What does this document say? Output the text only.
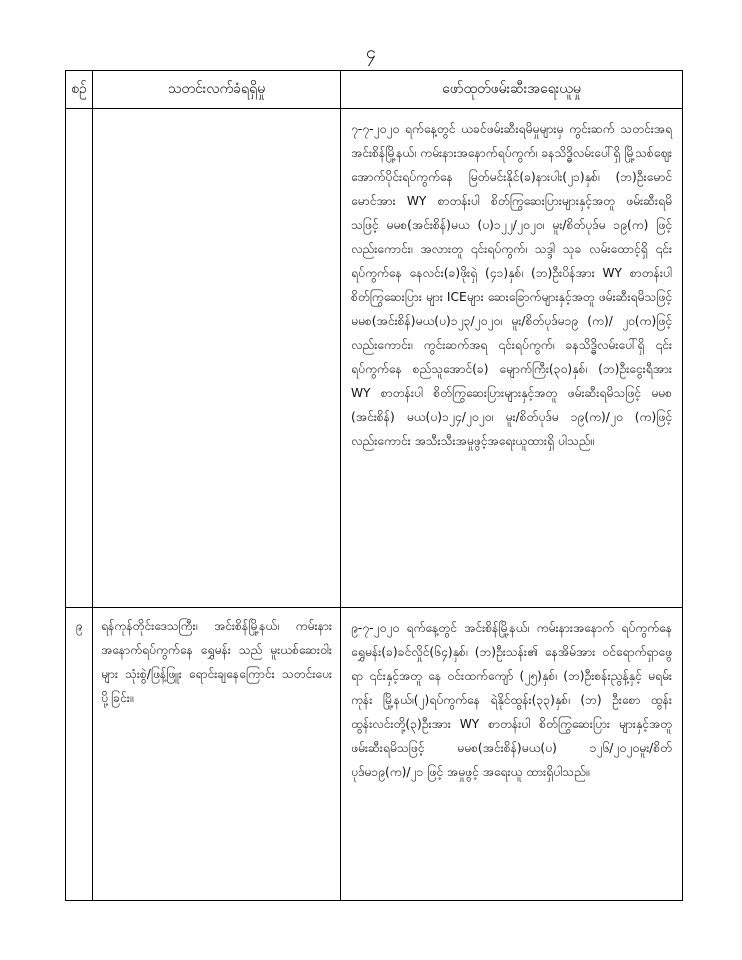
၄
စဉ်	သတင်းလက်ခံရရှိမှု	ဖော်ထုတ်ဖမ်းဆီးအရေးယူမှု
		၇-၇-၂၀၂၀ ရက်နေ့တွင် ယခင်ဖမ်းဆီးရမိမှုများမှ ကွင်းဆက် သတင်းအရ အင်းစိန်မြို့နယ်၊ ကမ်းနားအနောက်ရပ်ကွက်၊ ခနသိဒ္ဓိလမ်းပေါ်ရှိ မြို့သစ်ဈေး အောက်ပိုင်းရပ်ကွက်နေ မြတ်မင်းနိုင်(ခ)နားပါး(၂၁)နှစ်၊ (ဘ)ဦးမောင်မောင်အား WY စာတန်းပါ စိတ်ကြွဆေးပြားများနှင့်အတူ ဖမ်းဆီးရမိ သဖြင့် မမစ(အင်းစိန်)မယ (ပ)၁၂၂/၂၀၂၀၊ မူး/စိတ်ပုဒ်မ ၁၉(က) ဖြင့်လည်းကောင်း၊ အလားတူ ၎င်းရပ်ကွက်၊ သဒ္ဒါ သုခ လမ်းထောင့်ရှိ ၎င်းရပ်ကွက်နေ နေလင်း(ခ)ဖိုးရှဲ (၄၁)နှစ်၊ (ဘ)ဦးပိန်အား WY စာတန်းပါ စိတ်ကြွဆေးပြား များ ICEများ ဆေးခြောက်များနှင့်အတူ ဖမ်းဆီးရမိသဖြင့် မမစ(အင်းစိန်)မယ(ပ)၁၂၃/၂၀၂၀၊ မူး/စိတ်ပုဒ်မ၁၉ (က)/ ၂၀(က)ဖြင့်လည်းကောင်း၊ ကွင်းဆက်အရ ၎င်းရပ်ကွက်၊ ခနသိဒ္ဓိလမ်းပေါ်ရှိ ၎င်းရပ်ကွက်နေ စည်သူအောင်(ခ) မျောက်ကြီး(၃၀)နှစ်၊ (ဘ)ဦးငွေးရီအား WY စာတန်းပါ စိတ်ကြွဆေးပြားများနှင့်အတူ ဖမ်းဆီးရမိသဖြင့် မမစ (အင်းစိန်) မယ(ပ)၁၂၄/၂၀၂၀၊ မူး/စိတ်ပုဒ်မ ၁၉(က)/၂၀ (က)ဖြင့်လည်းကောင်း အသီးသီးအမှုဖွင့်အရေးယူထားရှိ ပါသည်။
၉	ရန်ကုန်တိုင်းဒေသကြီး၊ အင်းစိန်မြို့နယ်၊ ကမ်းနားအနောက်ရပ်ကွက်နေ ရွှေမန်း သည် မူးယစ်ဆေးဝါးများ သုံးစွဲ/ဖြန့်ဖြူး ရောင်းချနေကြောင်း သတင်းပေးပို့ခြင်း။	၉-၇-၂၀၂၀ ရက်နေ့တွင် အင်းစိန်မြို့နယ်၊ ကမ်းနားအနောက် ရပ်ကွက်နေ ရွှေမန်း(ခ)ခင်လှိုင်(၆၄)နှစ်၊ (ဘ)ဦးသန်း၏ နေအိမ်အား ဝင်ရောက်ရှာဖွေရာ ၎င်းနှင့်အတူ နေ ဝင်းထက်ကျော် (၂၅)နှစ်၊ (ဘ)ဦးစန်းညွန့်နှင့် မရမ်းကုန်း မြို့နယ်၊(၂)ရပ်ကွက်နေ ရဲနိုင်ထွန်း(၃၃)နှစ်၊ (ဘ) ဦးစော ထွန်းထွန်းလင်းတို့(၃)ဦးအား WY စာတန်းပါ စိတ်ကြွဆေးပြား များနှင့်အတူ ဖမ်းဆီးရမိသဖြင့် မမစ(အင်းစိန်)မယ(ပ) ၁၂၆/၂၀၂၀မူး/စိတ်ပုဒ်မ၁၉(က)/၂၁ ဖြင့် အမှုဖွင့် အရေးယူ ထားရှိပါသည်။
